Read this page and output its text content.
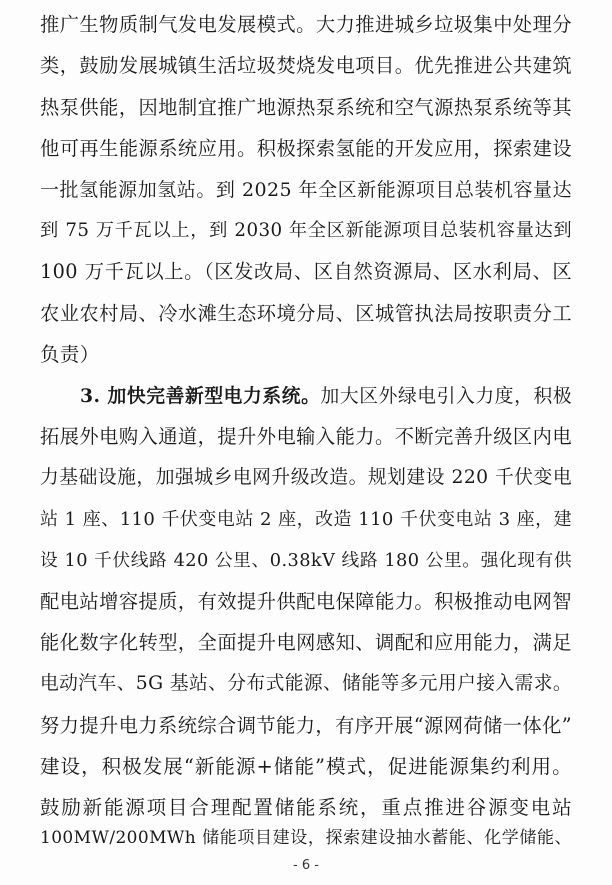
推广生物质制气发电发展模式。大力推进城乡垃圾集中处理分
类，鼓励发展城镇生活垃圾焚烧发电项目。优先推进公共建筑
热泵供能，因地制宜推广地源热泵系统和空气源热泵系统等其
他可再生能源系统应用。积极探索氢能的开发应用，探索建设
一批氢能源加氢站。到 2025 年全区新能源项目总装机容量达
到 75 万千瓦以上，到 2030 年全区新能源项目总装机容量达到
100 万千瓦以上。（区发改局、区自然资源局、区水利局、区
农业农村局、冷水滩生态环境分局、区城管执法局按职责分工
负责）
3. 加快完善新型电力系统。加大区外绿电引入力度，积极
拓展外电购入通道，提升外电输入能力。不断完善升级区内电
力基础设施，加强城乡电网升级改造。规划建设 220 千伏变电
站 1 座、110 千伏变电站 2 座，改造 110 千伏变电站 3 座，建
设 10 千伏线路 420 公里、0.38kV 线路 180 公里。强化现有供
配电站增容提质，有效提升供配电保障能力。积极推动电网智
能化数字化转型，全面提升电网感知、调配和应用能力，满足
电动汽车、5G 基站、分布式能源、储能等多元用户接入需求。
努力提升电力系统综合调节能力，有序开展“源网荷储一体化”
建设，积极发展“新能源+储能”模式，促进能源集约利用。
鼓励新能源项目合理配置储能系统，重点推进谷源变电站
100MW/200MWh 储能项目建设，探索建设抽水蓄能、化学储能、
- 6 -
